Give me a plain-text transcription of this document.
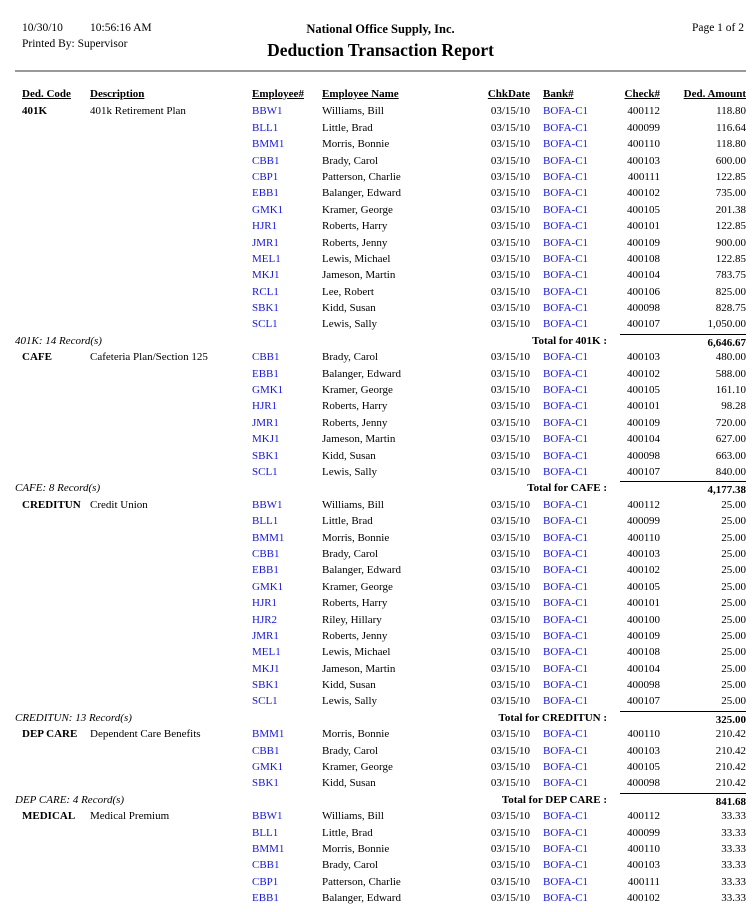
10/30/10 10:56:16 AM
Printed By: Supervisor
National Office Supply, Inc.
Deduction Transaction Report
Page 1 of 2
Ded. Code	Description	Employee#	Employee Name	ChkDate Bank#	Check#	Ded. Amount
401K	401k Retirement Plan	BBW1	Williams, Bill	03/15/10 BOFA-C1	400112	118.80
BLL1	Little, Brad	03/15/10 BOFA-C1	400099	116.64
BMM1	Morris, Bonnie	03/15/10 BOFA-C1	400110	118.80
CBB1	Brady, Carol	03/15/10 BOFA-C1	400103	600.00
CBP1	Patterson, Charlie	03/15/10 BOFA-C1	400111	122.85
EBB1	Balanger, Edward	03/15/10 BOFA-C1	400102	735.00
GMK1	Kramer, George	03/15/10 BOFA-C1	400105	201.38
HJR1	Roberts, Harry	03/15/10 BOFA-C1	400101	122.85
JMR1	Roberts, Jenny	03/15/10 BOFA-C1	400109	900.00
MEL1	Lewis, Michael	03/15/10 BOFA-C1	400108	122.85
MKJ1	Jameson, Martin	03/15/10 BOFA-C1	400104	783.75
RCL1	Lee, Robert	03/15/10 BOFA-C1	400106	825.00
SBK1	Kidd, Susan	03/15/10 BOFA-C1	400098	828.75
SCL1	Lewis, Sally	03/15/10 BOFA-C1	400107	1,050.00
401K: 14 Record(s)	Total for 401K :	6,646.67
CAFE	Cafeteria Plan/Section 125	CBB1	Brady, Carol	03/15/10 BOFA-C1	400103	480.00
EBB1	Balanger, Edward	03/15/10 BOFA-C1	400102	588.00
GMK1	Kramer, George	03/15/10 BOFA-C1	400105	161.10
HJR1	Roberts, Harry	03/15/10 BOFA-C1	400101	98.28
JMR1	Roberts, Jenny	03/15/10 BOFA-C1	400109	720.00
MKJ1	Jameson, Martin	03/15/10 BOFA-C1	400104	627.00
SBK1	Kidd, Susan	03/15/10 BOFA-C1	400098	663.00
SCL1	Lewis, Sally	03/15/10 BOFA-C1	400107	840.00
CAFE: 8 Record(s)	Total for CAFE :	4,177.38
CREDITUN Credit Union	BBW1	Williams, Bill	03/15/10 BOFA-C1	400112	25.00
BLL1	Little, Brad	03/15/10 BOFA-C1	400099	25.00
BMM1	Morris, Bonnie	03/15/10 BOFA-C1	400110	25.00
CBB1	Brady, Carol	03/15/10 BOFA-C1	400103	25.00
EBB1	Balanger, Edward	03/15/10 BOFA-C1	400102	25.00
GMK1	Kramer, George	03/15/10 BOFA-C1	400105	25.00
HJR1	Roberts, Harry	03/15/10 BOFA-C1	400101	25.00
HJR2	Riley, Hillary	03/15/10 BOFA-C1	400100	25.00
JMR1	Roberts, Jenny	03/15/10 BOFA-C1	400109	25.00
MEL1	Lewis, Michael	03/15/10 BOFA-C1	400108	25.00
MKJ1	Jameson, Martin	03/15/10 BOFA-C1	400104	25.00
SBK1	Kidd, Susan	03/15/10 BOFA-C1	400098	25.00
SCL1	Lewis, Sally	03/15/10 BOFA-C1	400107	25.00
CREDITUN: 13 Record(s)	Total for CREDITUN :	325.00
DEP CARE	Dependent Care Benefits	BMM1	Morris, Bonnie	03/15/10 BOFA-C1	400110	210.42
CBB1	Brady, Carol	03/15/10 BOFA-C1	400103	210.42
GMK1	Kramer, George	03/15/10 BOFA-C1	400105	210.42
SBK1	Kidd, Susan	03/15/10 BOFA-C1	400098	210.42
DEP CARE: 4 Record(s)	Total for DEP CARE :	841.68
MEDICAL	Medical Premium	BBW1	Williams, Bill	03/15/10 BOFA-C1	400112	33.33
BLL1	Little, Brad	03/15/10 BOFA-C1	400099	33.33
BMM1	Morris, Bonnie	03/15/10 BOFA-C1	400110	33.33
CBB1	Brady, Carol	03/15/10 BOFA-C1	400103	33.33
CBP1	Patterson, Charlie	03/15/10 BOFA-C1	400111	33.33
EBB1	Balanger, Edward	03/15/10 BOFA-C1	400102	33.33
